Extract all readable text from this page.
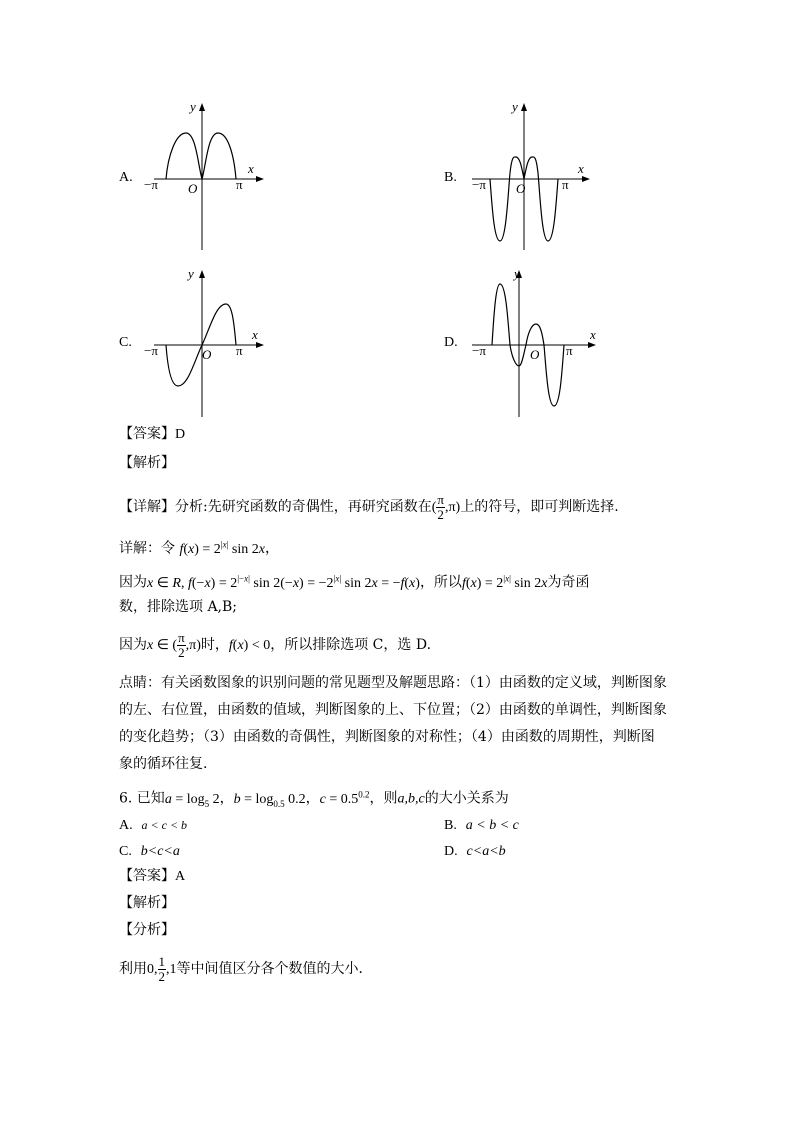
A.
y
x
O
−π	π	B.
y
x
O
−π	π
C.
y
x
O
−π	π
D.
y
x
O
−π	π
【答案】D
【解析】
【详解】分析:先研究函数的奇偶性，再研究函数在( $\frac{\pi}{2} ,\pi$)上的符号，即可判断选择.
详解：令 $f(x) = 2^{|x|}$ sin 2x，
因为x ∈ R, $f(-x) = 2^{|-x|}$ $\sin 2(-x) = -2^{|x|}$ sin 2x = −f(x)，所以$f(x) = 2^{|x|}$ sin 2x为奇函
数，排除选项 A,B;
因为x ∈ ( $\frac{\pi}{2} ,\pi$)时，f(x) < 0，所以排除选项 C，选 D.
点睛：有关函数图象的识别问题的常见题型及解题思路：（1）由函数的定义域，判断图象
的左、右位置，由函数的值域，判断图象的上、下位置；（2）由函数的单调性，判断图象
的变化趋势；（3）由函数的奇偶性，判断图象的对称性；（4）由函数的周期性，判断图
象的循环往复.
6. 已知$a = \log_5 2$，$b = \log_{0.5} 0.2$，$c = 0.5^{0.2}$，则a,b,c的大小关系为
A. a < c < b	B. a < b < c
C. b<c<a	D. c<a<b
【答案】A
【解析】
【分析】
利用0, $\frac{1}{2} ,1$等中间值区分各个数值的大小．
